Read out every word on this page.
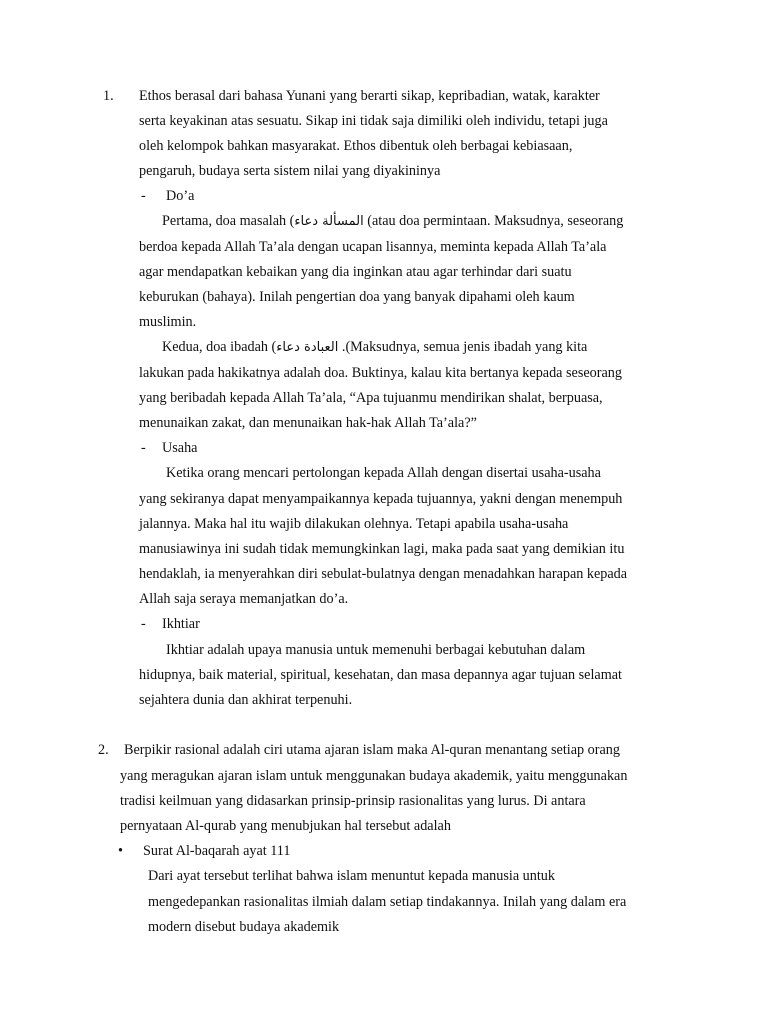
1. Ethos berasal dari bahasa Yunani yang berarti sikap, kepribadian, watak, karakter
serta keyakinan atas sesuatu. Sikap ini tidak saja dimiliki oleh individu, tetapi juga
oleh kelompok bahkan masyarakat. Ethos dibentuk oleh berbagai kebiasaan,
pengaruh, budaya serta sistem nilai yang diyakininya
- Do’a
Pertama, doa masalah (المسألة دعاء (atau doa permintaan. Maksudnya, seseorang
berdoa kepada Allah Ta’ala dengan ucapan lisannya, meminta kepada Allah Ta’ala
agar mendapatkan kebaikan yang dia inginkan atau agar terhindar dari suatu
keburukan (bahaya). Inilah pengertian doa yang banyak dipahami oleh kaum
muslimin.
Kedua, doa ibadah (العبادة دعاء .(Maksudnya, semua jenis ibadah yang kita
lakukan pada hakikatnya adalah doa. Buktinya, kalau kita bertanya kepada seseorang
yang beribadah kepada Allah Ta’ala, “Apa tujuanmu mendirikan shalat, berpuasa,
menunaikan zakat, dan menunaikan hak-hak Allah Ta’ala?”
- Usaha
Ketika orang mencari pertolongan kepada Allah dengan disertai usaha-usaha
yang sekiranya dapat menyampaikannya kepada tujuannya, yakni dengan menempuh
jalannya. Maka hal itu wajib dilakukan olehnya. Tetapi apabila usaha-usaha
manusiawinya ini sudah tidak memungkinkan lagi, maka pada saat yang demikian itu
hendaklah, ia menyerahkan diri sebulat-bulatnya dengan menadahkan harapan kepada
Allah saja seraya memanjatkan do’a.
- Ikhtiar
Ikhtiar adalah upaya manusia untuk memenuhi berbagai kebutuhan dalam
hidupnya, baik material, spiritual, kesehatan, dan masa depannya agar tujuan selamat
sejahtera dunia dan akhirat terpenuhi.
2. Berpikir rasional adalah ciri utama ajaran islam maka Al-quran menantang setiap orang
yang meragukan ajaran islam untuk menggunakan budaya akademik, yaitu menggunakan
tradisi keilmuan yang didasarkan prinsip-prinsip rasionalitas yang lurus. Di antara
pernyataan Al-qurab yang menubjukan hal tersebut adalah
• Surat Al-baqarah ayat 111
Dari ayat tersebut terlihat bahwa islam menuntut kepada manusia untuk
mengedepankan rasionalitas ilmiah dalam setiap tindakannya. Inilah yang dalam era
modern disebut budaya akademik
